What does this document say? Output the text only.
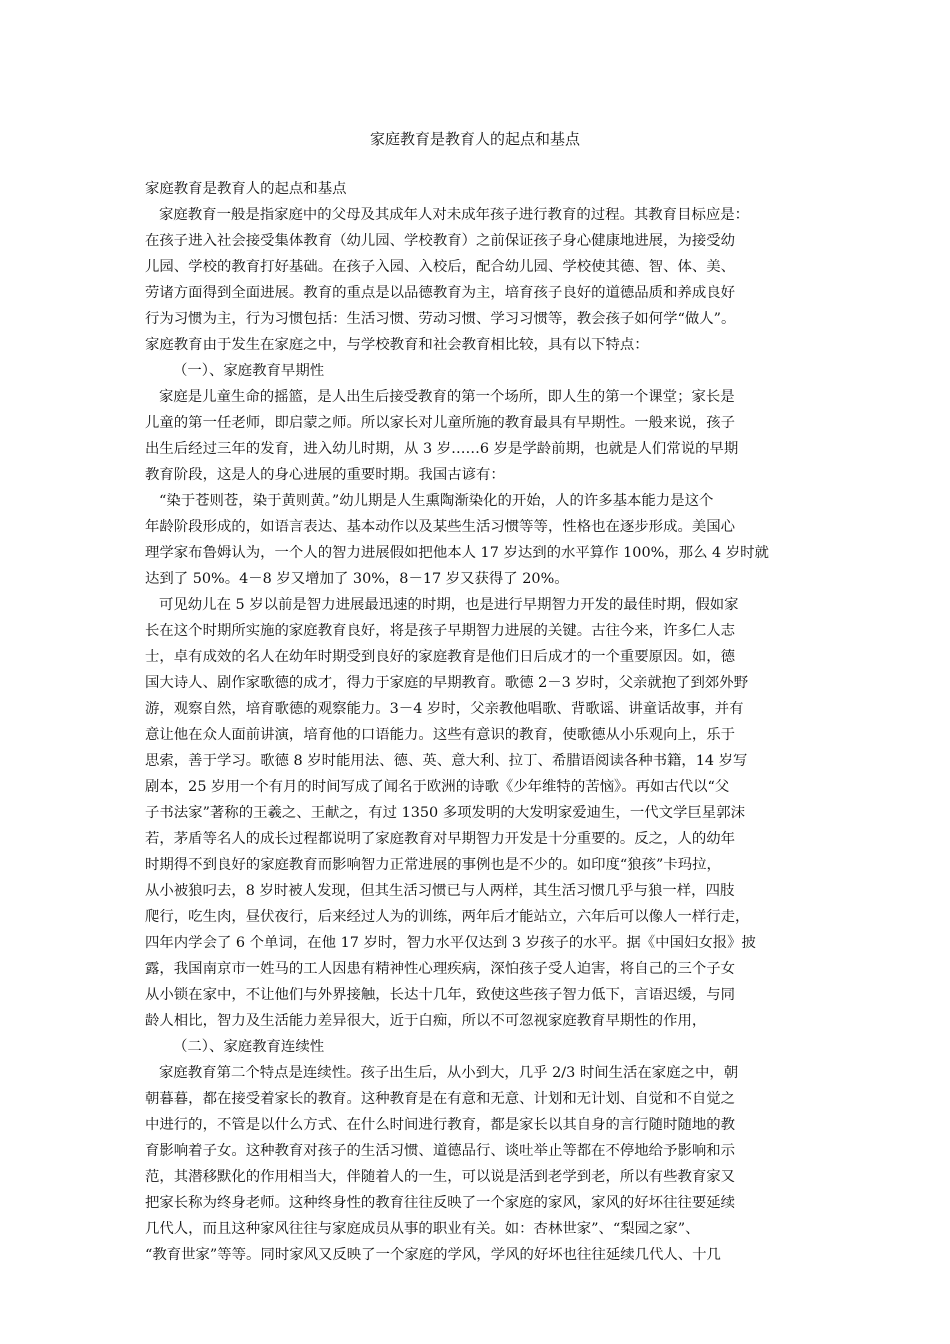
家庭教育是教育人的起点和基点
家庭教育是教育人的起点和基点
家庭教育一般是指家庭中的父母及其成年人对未成年孩子进行教育的过程。其教育目标应是：
在孩子进入社会接受集体教育（幼儿园、学校教育）之前保证孩子身心健康地进展，为接受幼
儿园、学校的教育打好基础。在孩子入园、入校后，配合幼儿园、学校使其德、智、体、美、
劳诸方面得到全面进展。教育的重点是以品德教育为主，培育孩子良好的道德品质和养成良好
行为习惯为主，行为习惯包括：生活习惯、劳动习惯、学习习惯等，教会孩子如何学“做人”。
家庭教育由于发生在家庭之中，与学校教育和社会教育相比较，具有以下特点：
（一）、家庭教育早期性
家庭是儿童生命的摇篮，是人出生后接受教育的第一个场所，即人生的第一个课堂；家长是
儿童的第一任老师，即启蒙之师。所以家长对儿童所施的教育最具有早期性。一般来说，孩子
出生后经过三年的发育，进入幼儿时期，从 3 岁……6 岁是学龄前期，也就是人们常说的早期
教育阶段，这是人的身心进展的重要时期。我国古谚有：
“染于苍则苍，染于黄则黄。”幼儿期是人生熏陶渐染化的开始，人的许多基本能力是这个
年龄阶段形成的，如语言表达、基本动作以及某些生活习惯等等，性格也在逐步形成。美国心
理学家布鲁姆认为，一个人的智力进展假如把他本人 17 岁达到的水平算作 100%，那么 4 岁时就
达到了 50%。4－8 岁又增加了 30%，8－17 岁又获得了 20%。
可见幼儿在 5 岁以前是智力进展最迅速的时期，也是进行早期智力开发的最佳时期，假如家
长在这个时期所实施的家庭教育良好，将是孩子早期智力进展的关键。古往今来，许多仁人志
士，卓有成效的名人在幼年时期受到良好的家庭教育是他们日后成才的一个重要原因。如，德
国大诗人、剧作家歌德的成才，得力于家庭的早期教育。歌德 2－3 岁时，父亲就抱了到郊外野
游，观察自然，培育歌德的观察能力。3－4 岁时，父亲教他唱歌、背歌谣、讲童话故事，并有
意让他在众人面前讲演，培育他的口语能力。这些有意识的教育，使歌德从小乐观向上，乐于
思索，善于学习。歌德 8 岁时能用法、德、英、意大利、拉丁、希腊语阅读各种书籍，14 岁写
剧本，25 岁用一个有月的时间写成了闻名于欧洲的诗歌《少年维特的苦恼》。再如古代以“父
子书法家”著称的王羲之、王献之，有过 1350 多项发明的大发明家爱迪生，一代文学巨星郭沫
若，茅盾等名人的成长过程都说明了家庭教育对早期智力开发是十分重要的。反之，人的幼年
时期得不到良好的家庭教育而影响智力正常进展的事例也是不少的。如印度“狼孩”卡玛拉，
从小被狼叼去，8 岁时被人发现，但其生活习惯已与人两样，其生活习惯几乎与狼一样，四肢
爬行，吃生肉，昼伏夜行，后来经过人为的训练，两年后才能站立，六年后可以像人一样行走，
四年内学会了 6 个单词，在他 17 岁时，智力水平仅达到 3 岁孩子的水平。据《中国妇女报》披
露，我国南京市一姓马的工人因患有精神性心理疾病，深怕孩子受人迫害，将自己的三个子女
从小锁在家中，不让他们与外界接触，长达十几年，致使这些孩子智力低下，言语迟缓，与同
龄人相比，智力及生活能力差异很大，近于白痴，所以不可忽视家庭教育早期性的作用，
（二）、家庭教育连续性
家庭教育第二个特点是连续性。孩子出生后，从小到大，几乎 2/3 时间生活在家庭之中，朝
朝暮暮，都在接受着家长的教育。这种教育是在有意和无意、计划和无计划、自觉和不自觉之
中进行的，不管是以什么方式、在什么时间进行教育，都是家长以其自身的言行随时随地的教
育影响着子女。这种教育对孩子的生活习惯、道德品行、谈吐举止等都在不停地给予影响和示
范，其潜移默化的作用相当大，伴随着人的一生，可以说是活到老学到老，所以有些教育家又
把家长称为终身老师。这种终身性的教育往往反映了一个家庭的家风，家风的好坏往往要延续
几代人，而且这种家风往往与家庭成员从事的职业有关。如：杏林世家”、“梨园之家”、
“教育世家”等等。同时家风又反映了一个家庭的学风，学风的好坏也往往延续几代人、十几
